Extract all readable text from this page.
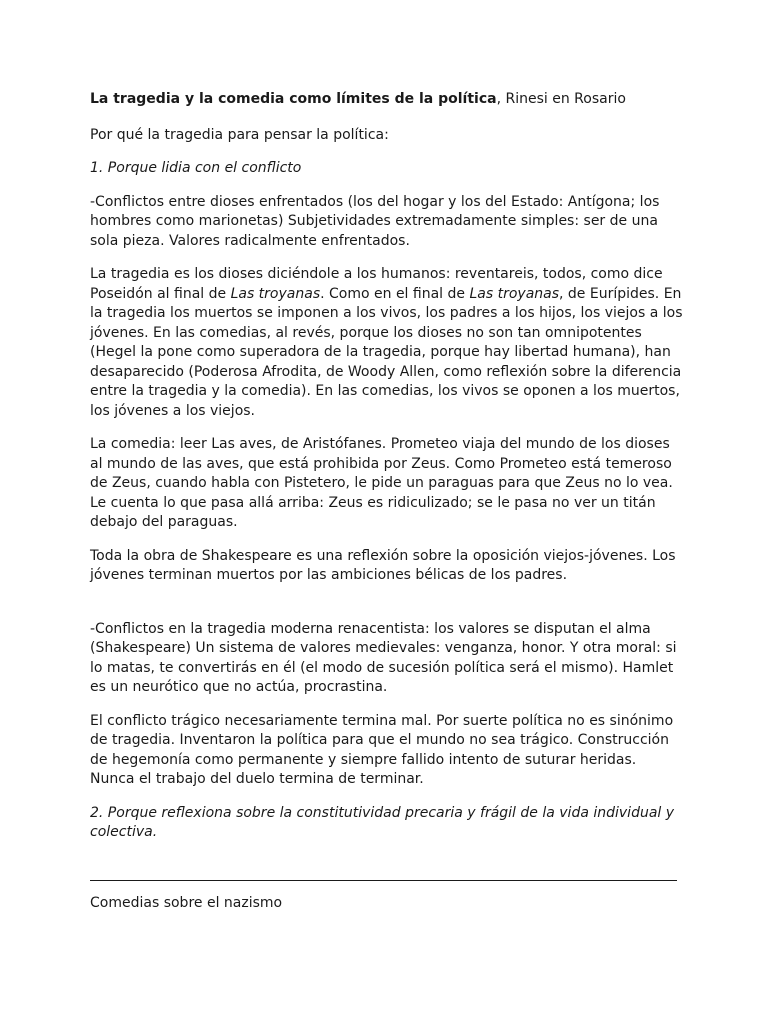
La tragedia y la comedia como límites de la política, Rinesi en Rosario

Por qué la tragedia para pensar la política:

1. Porque lidia con el conflicto

-Conflictos entre dioses enfrentados (los del hogar y los del Estado: Antígona; los hombres como marionetas) Subjetividades extremadamente simples: ser de una sola pieza. Valores radicalmente enfrentados.

La tragedia es los dioses diciéndole a los humanos: reventareis, todos, como dice Poseidón al final de Las troyanas. Como en el final de Las troyanas, de Eurípides. En la tragedia los muertos se imponen a los vivos, los padres a los hijos, los viejos a los jóvenes. En las comedias, al revés, porque los dioses no son tan omnipotentes (Hegel la pone como superadora de la tragedia, porque hay libertad humana), han desaparecido (Poderosa Afrodita, de Woody Allen, como reflexión sobre la diferencia entre la tragedia y la comedia). En las comedias, los vivos se oponen a los muertos, los jóvenes a los viejos.

La comedia: leer Las aves, de Aristófanes. Prometeo viaja del mundo de los dioses al mundo de las aves, que está prohibida por Zeus. Como Prometeo está temeroso de Zeus, cuando habla con Pistetero, le pide un paraguas para que Zeus no lo vea. Le cuenta lo que pasa allá arriba: Zeus es ridiculizado; se le pasa no ver un titán debajo del paraguas.

Toda la obra de Shakespeare es una reflexión sobre la oposición viejos-jóvenes. Los jóvenes terminan muertos por las ambiciones bélicas de los padres.

-Conflictos en la tragedia moderna renacentista: los valores se disputan el alma (Shakespeare) Un sistema de valores medievales: venganza, honor. Y otra moral: si lo matas, te convertirás en él (el modo de sucesión política será el mismo). Hamlet es un neurótico que no actúa, procrastina.

El conflicto trágico necesariamente termina mal. Por suerte política no es sinónimo de tragedia. Inventaron la política para que el mundo no sea trágico. Construcción de hegemonía como permanente y siempre fallido intento de suturar heridas. Nunca el trabajo del duelo termina de terminar.

2. Porque reflexiona sobre la constitutividad precaria y frágil de la vida individual y colectiva.

Comedias sobre el nazismo
